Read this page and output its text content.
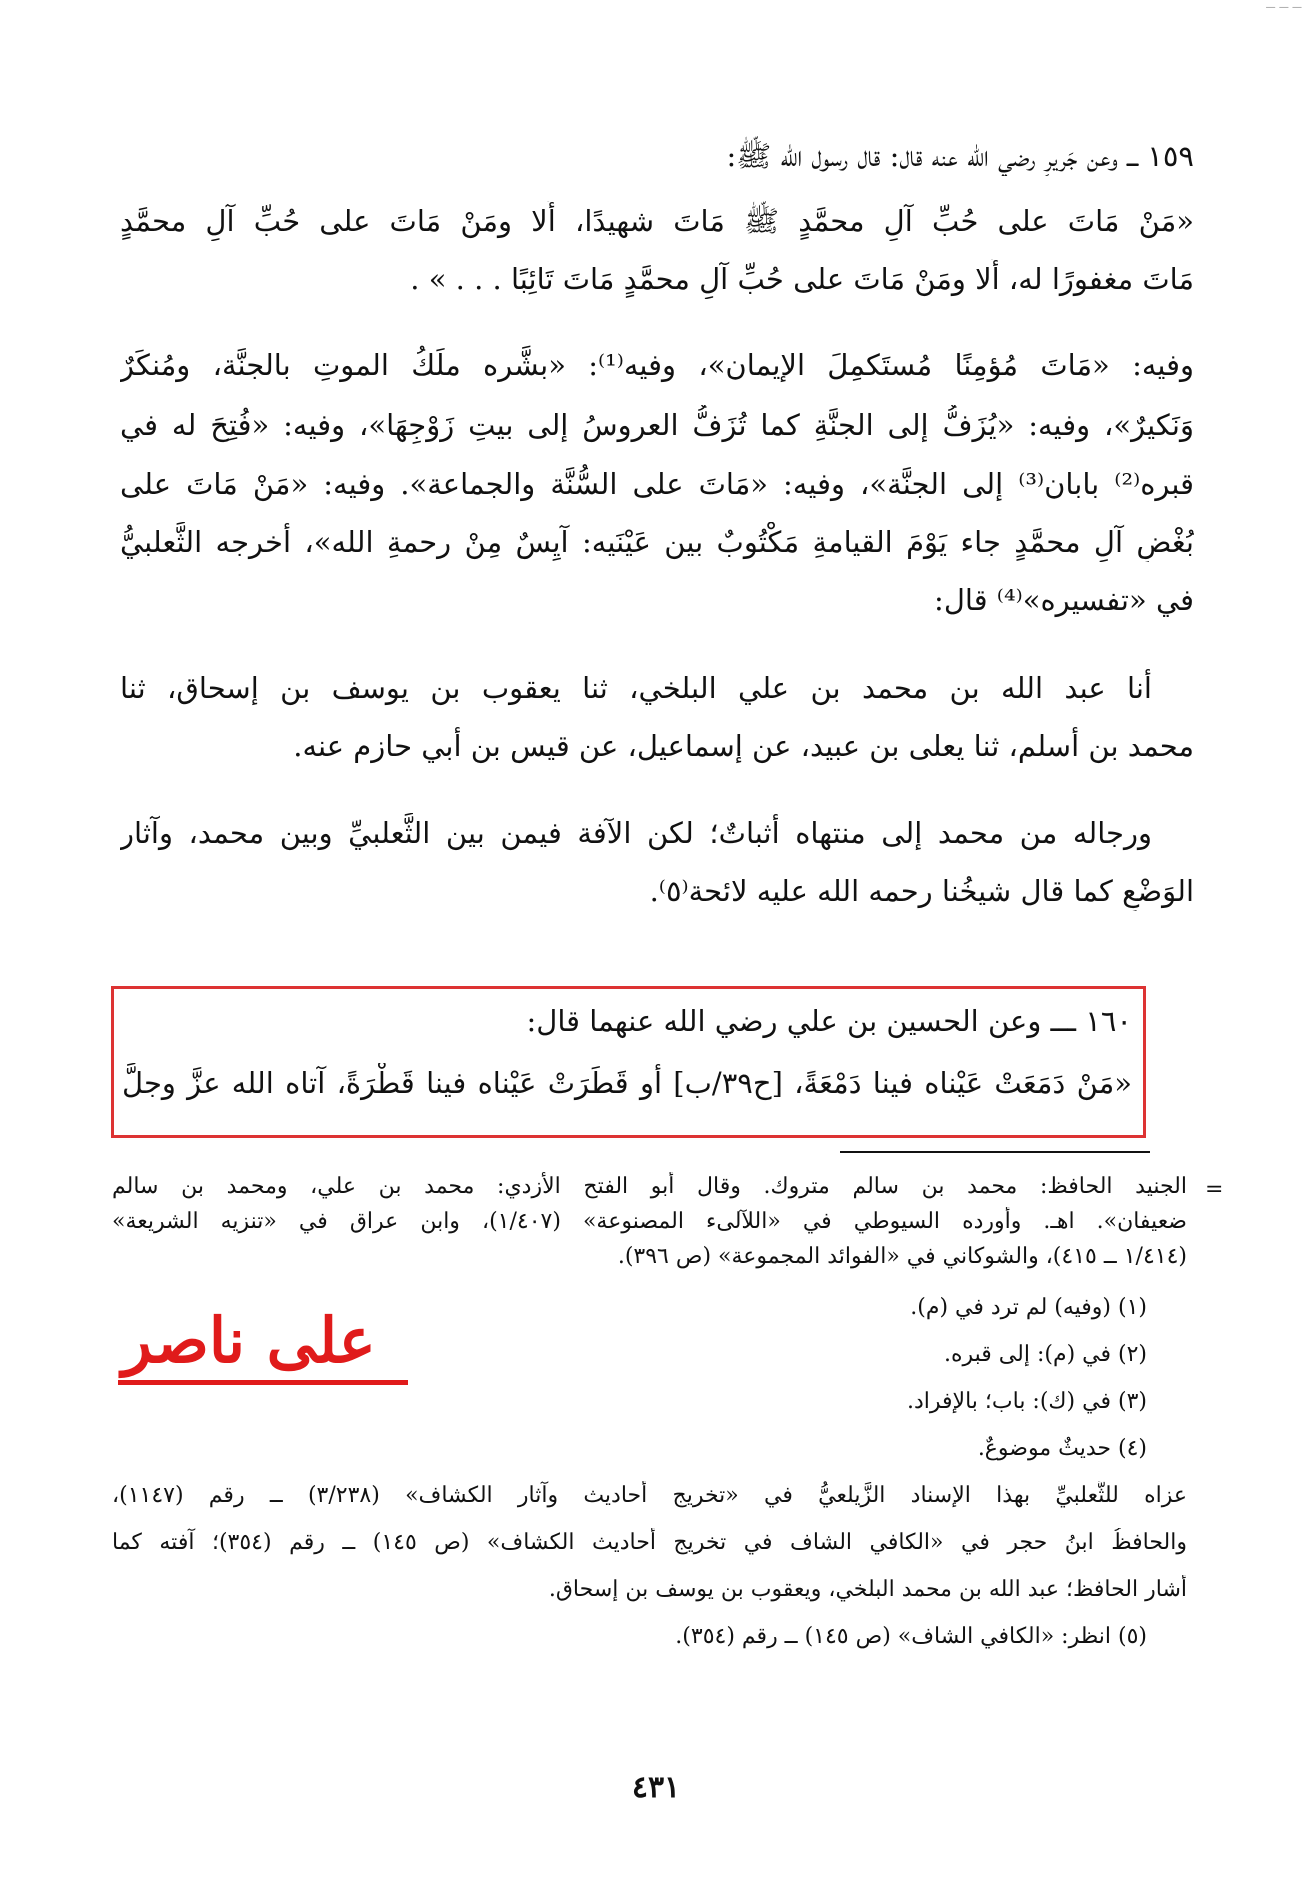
— — —
١٥٩ ـــ وعن جَريرٍ رضي الله عنه قال: قال رسول الله ﷺ:
«مَنْ مَاتَ على حُبِّ آلِ محمَّدٍ ﷺ مَاتَ شهيدًا، أَلا ومَنْ مَاتَ على حُبِّ آلِ محمَّدٍ
مَاتَ مغفورًا له، أَلا ومَنْ مَاتَ على حُبِّ آلِ محمَّدٍ مَاتَ تَائِبًا . . . » .
وفيه: «مَاتَ مُؤمِنًا مُستَكمِلَ الإيمان»، وفيه⁽¹⁾: «بشَّره ملَكُ الموتِ بالجنَّة، ومُنكَرٌ
وَنَكيرٌ»، وفيه: «يُزَفُّ إلى الجنَّةِ كما تُزَفُّ العروسُ إلى بيتِ زَوْجِهَا»، وفيه: «فُتِحَ له في
قبره⁽²⁾ بابان⁽³⁾ إلى الجنَّة»، وفيه: «مَاتَ على السُّنَّة والجماعة». وفيه: «مَنْ مَاتَ على
بُغْضِ آلِ محمَّدٍ جاء يَوْمَ القيامةِ مَكْتُوبٌ بين عَيْنَيه: آيِسٌ مِنْ رحمةِ الله»، أخرجه الثَّعلبيُّ
في «تفسيره»⁽⁴⁾ قال:
أنا عبد الله بن محمد بن علي البلخي، ثنا يعقوب بن يوسف بن إسحاق، ثنا
محمد بن أسلم، ثنا يعلى بن عبيد، عن إسماعيل، عن قيس بن أبي حازم عنه.
ورجاله من محمد إلى منتهاه أثباتٌ؛ لكن الآفة فيمن بين الثَّعلبيِّ وبين محمد، وآثار
الوَضْعِ كما قال شيخُنا رحمه الله عليه لائحة⁽٥⁾.
١٦٠ ـــ وعن الحسين بن علي رضي الله عنهما قال:
«مَنْ دَمَعَتْ عَيْناه فينا دَمْعَةً، [ح٣٩/ب] أو قَطَرَتْ عَيْناه فينا قَطْرَةً، آتاه الله عزَّ وجلَّ
=
الجنيد الحافظ: محمد بن سالم متروك. وقال أبو الفتح الأزدي: محمد بن علي، ومحمد بن سالم
ضعيفان». اهـ. وأورده السيوطي في «اللآلىء المصنوعة» (١/٤٠٧)، وابن عراق في «تنزيه الشريعة»
(١/٤١٤ ــ ٤١٥)، والشوكاني في «الفوائد المجموعة» (ص ٣٩٦).
(١) (وفيه) لم ترد في (م).
(٢) في (م): إلى قبره.
(٣) في (ك): باب؛ بالإفراد.
(٤) حديثٌ موضوعٌ.
عزاه للثَّعلبيِّ بهذا الإسناد الزَّيلعيُّ في «تخريج أحاديث وآثار الكشاف» (٣/٢٣٨) ــ رقم (١١٤٧)،
والحافظُ ابنُ حجر في «الكافي الشاف في تخريج أحاديث الكشاف» (ص ١٤٥) ــ رقم (٣٥٤)؛ آفته كما
أشار الحافظ؛ عبد الله بن محمد البلخي، ويعقوب بن يوسف بن إسحاق.
(٥) انظر: «الكافي الشاف» (ص ١٤٥) ــ رقم (٣٥٤).
على ناصر
٤٣١
